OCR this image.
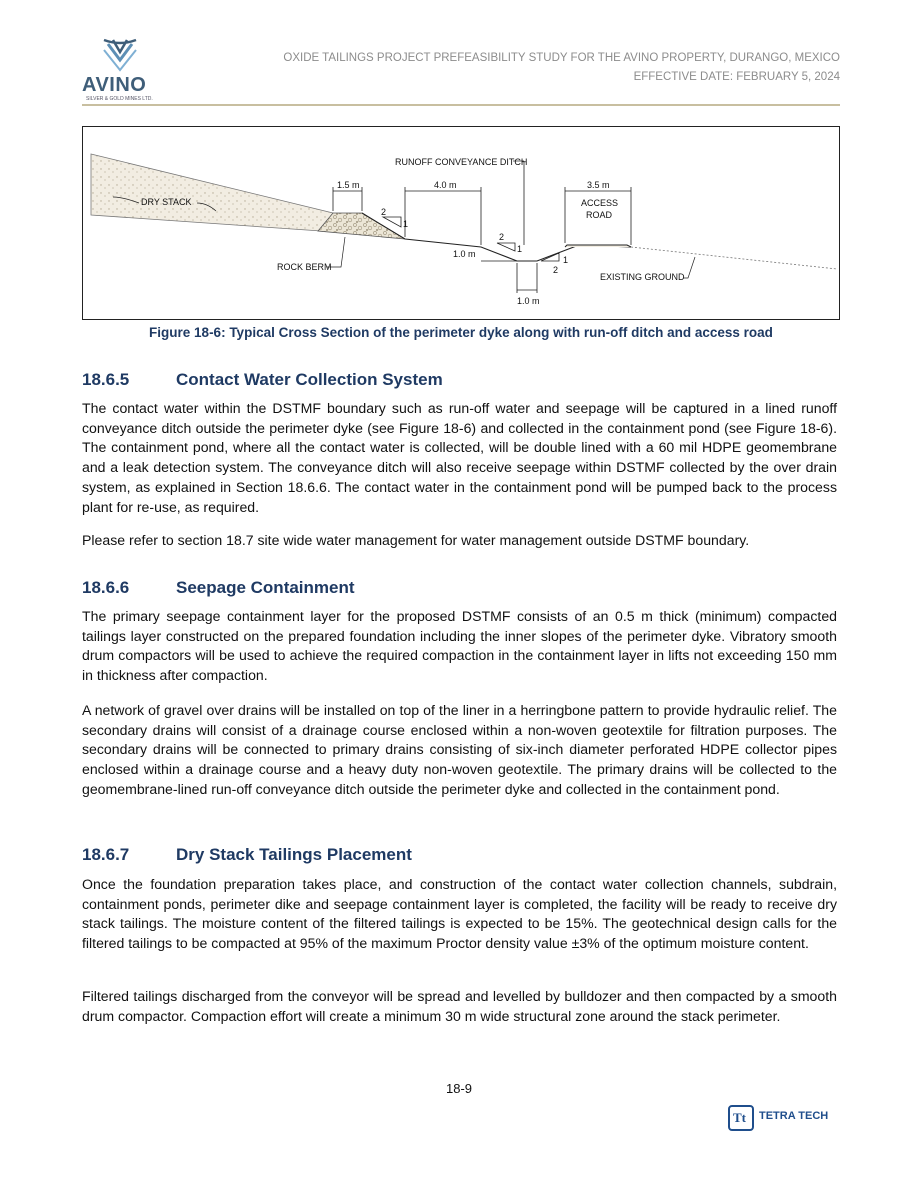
AVINO
SILVER & GOLD MINES LTD.
OXIDE TAILINGS PROJECT PREFEASIBILITY STUDY FOR THE AVINO PROPERTY, DURANGO, MEXICO
EFFECTIVE DATE: FEBRUARY 5, 2024
RUNOFF CONVEYANCE DITCH
DRY STACK
ROCK BERM
ACCESS
ROAD
EXISTING GROUND
1.5 m	4.0 m	3.5 m
1.0 m
1.0 m
2
1
2
1
2
1
Figure 18-6: Typical Cross Section of the perimeter dyke along with run-off ditch and access road
18.6.5	Contact Water Collection System
The contact water within the DSTMF boundary such as run-off water and seepage will be captured in a lined runoff conveyance ditch outside the perimeter dyke (see Figure 18-6) and collected in the containment pond (see Figure 18-6). The containment pond, where all the contact water is collected, will be double lined with a 60 mil HDPE geomembrane and a leak detection system. The conveyance ditch will also receive seepage within DSTMF collected by the over drain system, as explained in Section 18.6.6. The contact water in the containment pond will be pumped back to the process plant for re-use, as required.
Please refer to section 18.7 site wide water management for water management outside DSTMF boundary.
18.6.6	Seepage Containment
The primary seepage containment layer for the proposed DSTMF consists of an 0.5 m thick (minimum) compacted tailings layer constructed on the prepared foundation including the inner slopes of the perimeter dyke. Vibratory smooth drum compactors will be used to achieve the required compaction in the containment layer in lifts not exceeding 150 mm in thickness after compaction.
A network of gravel over drains will be installed on top of the liner in a herringbone pattern to provide hydraulic relief. The secondary drains will consist of a drainage course enclosed within a non-woven geotextile for filtration purposes. The secondary drains will be connected to primary drains consisting of six-inch diameter perforated HDPE collector pipes enclosed within a drainage course and a heavy duty non-woven geotextile. The primary drains will be collected to the geomembrane-lined run-off conveyance ditch outside the perimeter dyke and collected in the containment pond.
18.6.7	Dry Stack Tailings Placement
Once the foundation preparation takes place, and construction of the contact water collection channels, subdrain, containment ponds, perimeter dike and seepage containment layer is completed, the facility will be ready to receive dry stack tailings. The moisture content of the filtered tailings is expected to be 15%. The geotechnical design calls for the filtered tailings to be compacted at 95% of the maximum Proctor density value ±3% of the optimum moisture content.
Filtered tailings discharged from the conveyor will be spread and levelled by bulldozer and then compacted by a smooth drum compactor. Compaction effort will create a minimum 30 m wide structural zone around the stack perimeter.
18-9
Tt TETRA TECH
